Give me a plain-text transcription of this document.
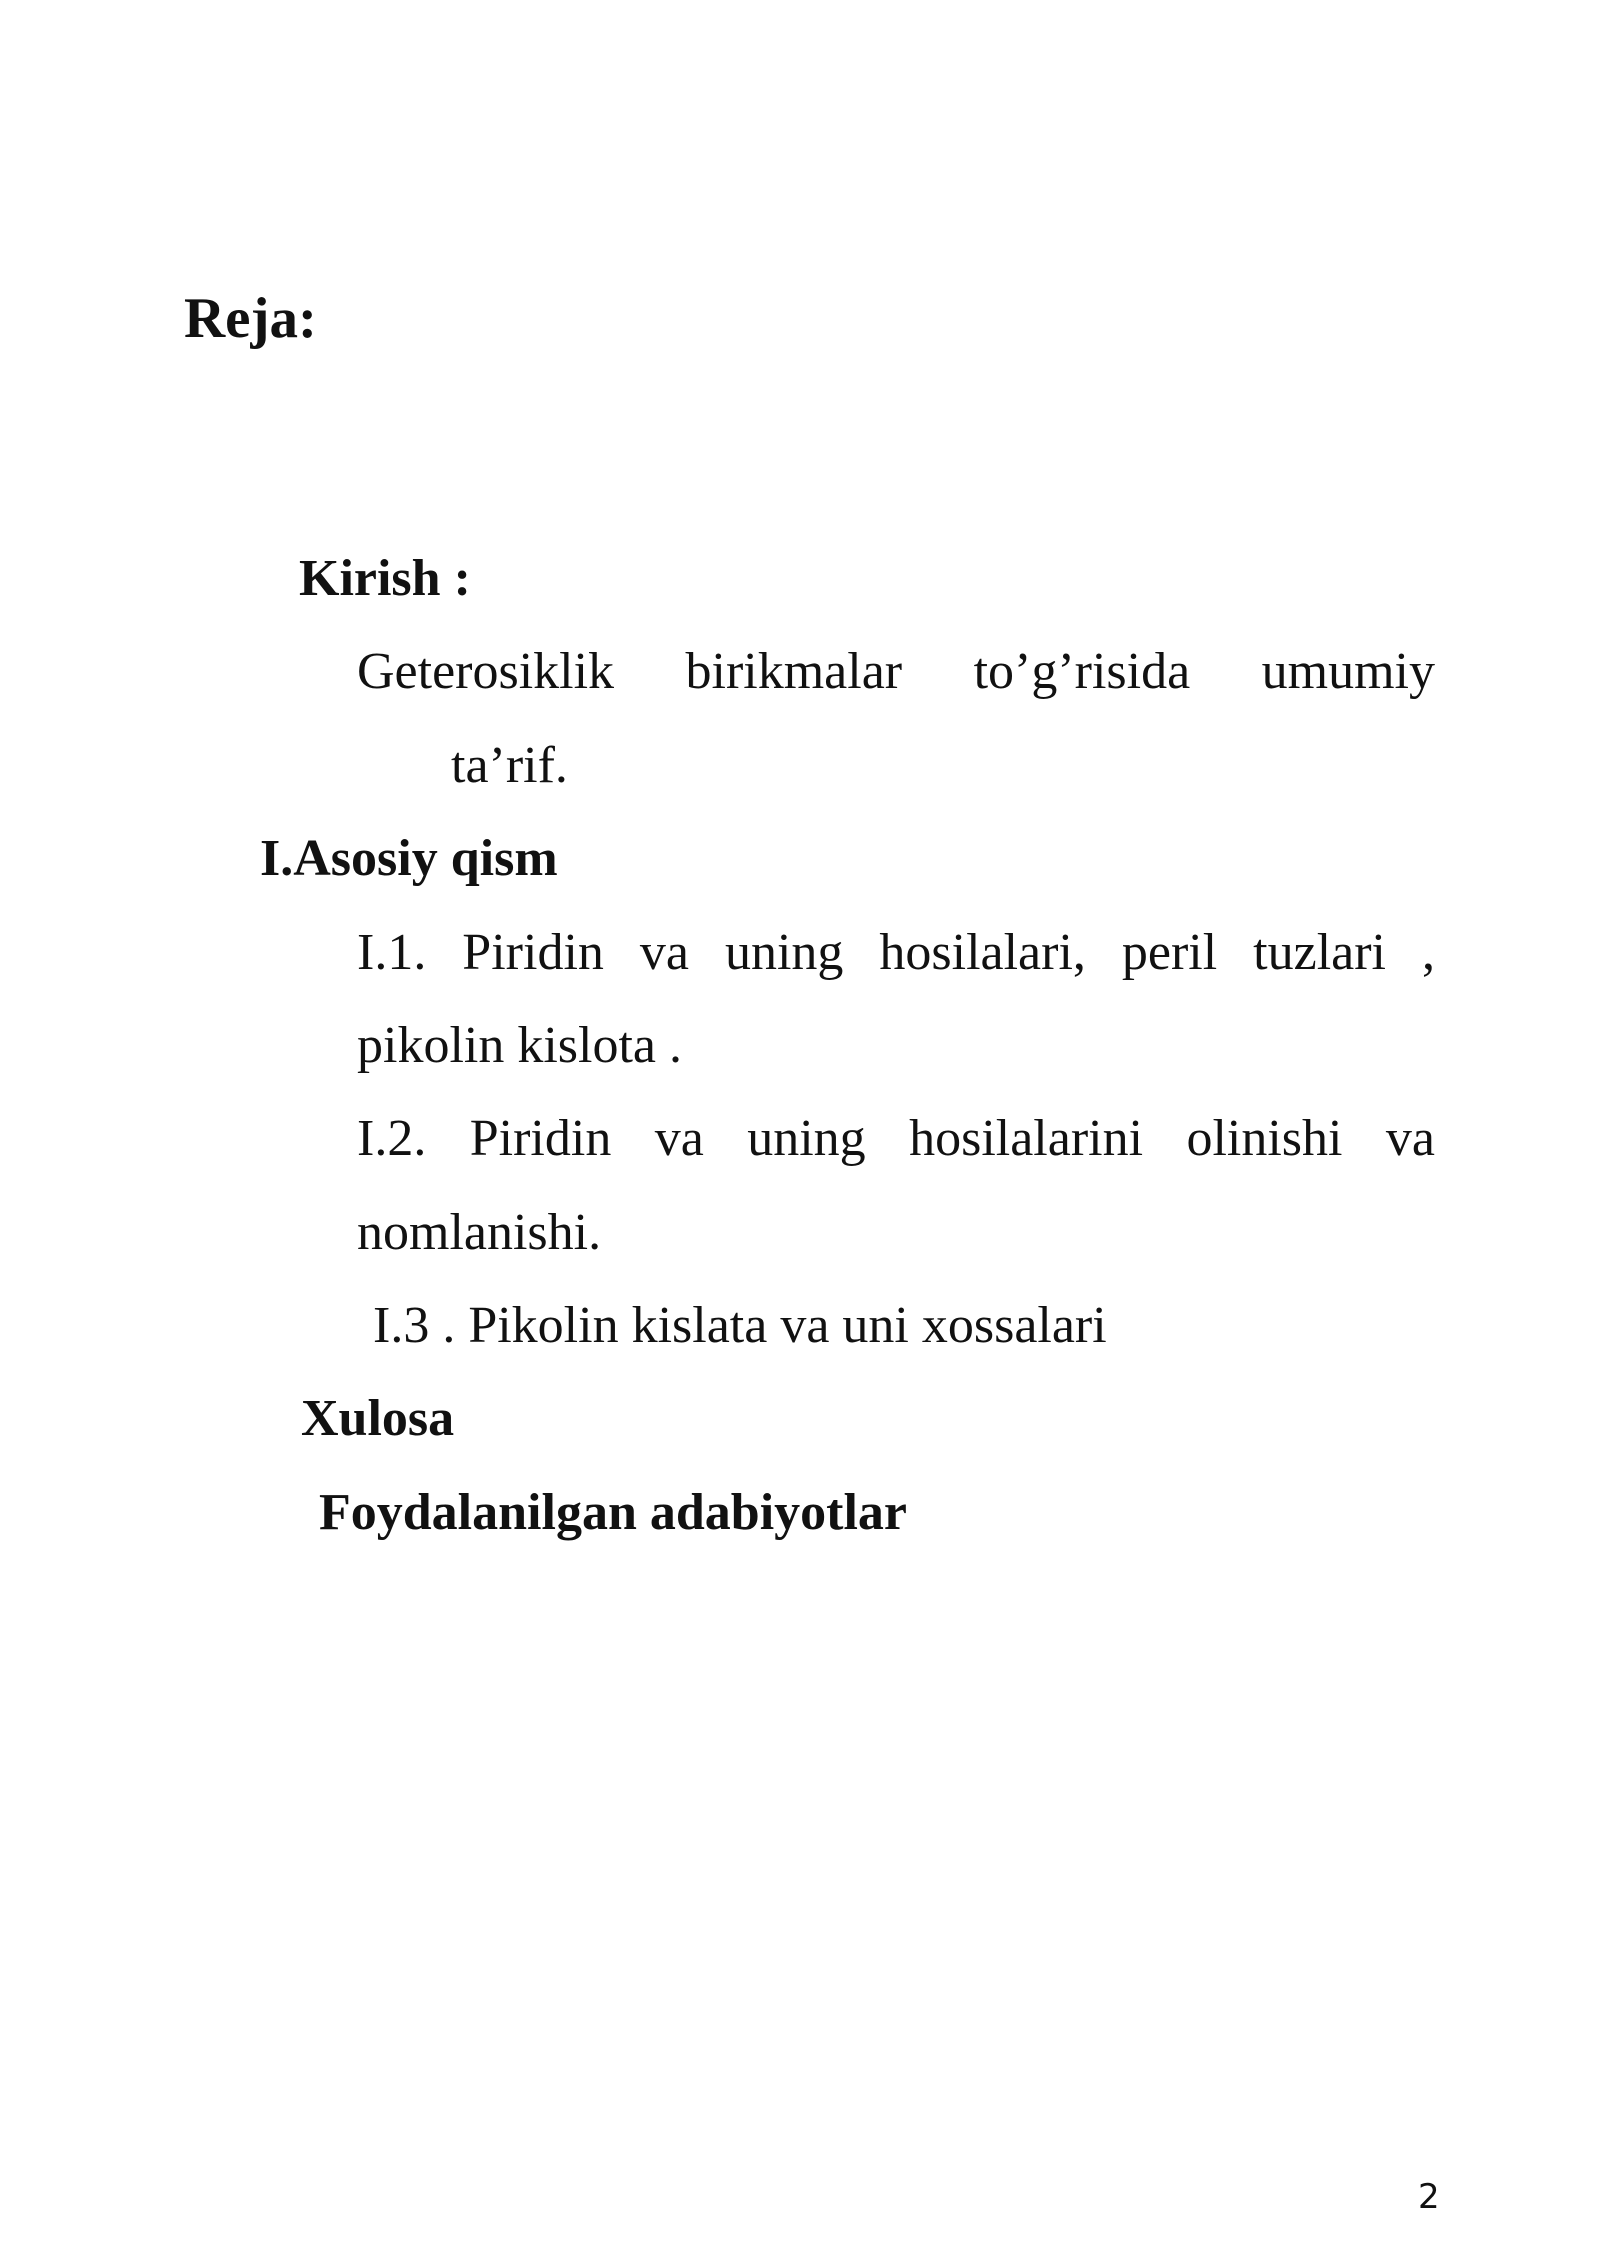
Reja:
Kirish :
Geterosiklik birikmalar to’g’risida umumiy
ta’rif.
I.Asosiy qism
I.1. Piridin va uning hosilalari, peril tuzlari ,
pikolin kislota .
I.2. Piridin va uning hosilalarini olinishi va
nomlanishi.
I.3 . Pikolin kislata va uni xossalari
Xulosa
Foydalanilgan adabiyotlar
2
